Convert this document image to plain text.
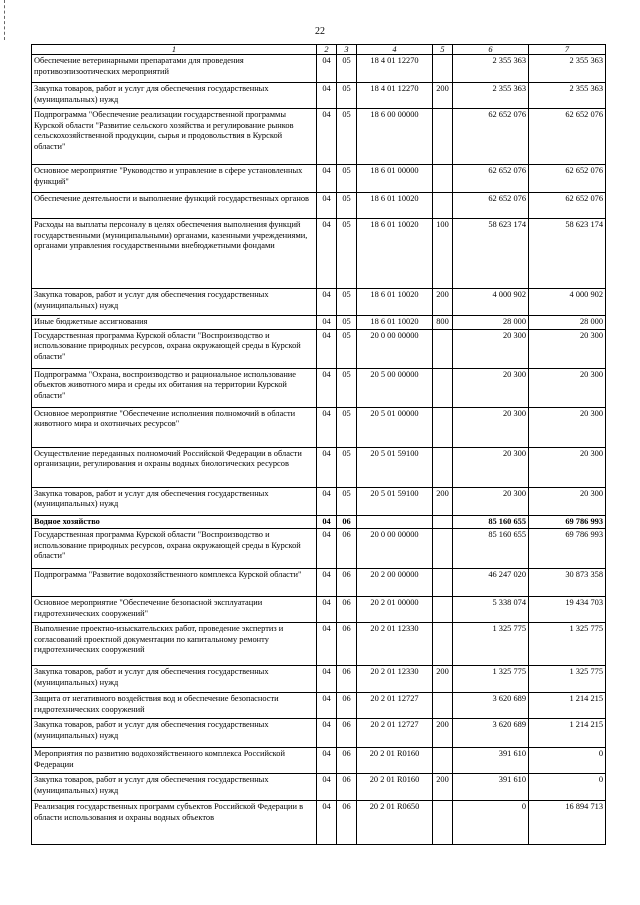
22
1	2	3	4	5	6	7
Обеспечение ветеринарными препаратами для проведения противоэпизоотических мероприятий	04	05	18 4 01 12270		2 355 363	2 355 363
Закупка товаров, работ и услуг для обеспечения государственных (муниципальных) нужд	04	05	18 4 01 12270	200	2 355 363	2 355 363
Подпрограмма "Обеспечение реализации государственной программы Курской области "Развитие сельского хозяйства и регулирование рынков сельскохозяйственной продукции, сырья и продовольствия в Курской области"	04	05	18 6 00 00000		62 652 076	62 652 076
Основное мероприятие "Руководство и управление в сфере установленных функций"	04	05	18 6 01 00000		62 652 076	62 652 076
Обеспечение деятельности и выполнение функций государственных органов	04	05	18 6 01 10020		62 652 076	62 652 076
Расходы на выплаты персоналу в целях обеспечения выполнения функций государственными (муниципальными) органами, казенными учреждениями, органами управления государственными внебюджетными фондами	04	05	18 6 01 10020	100	58 623 174	58 623 174
Закупка товаров, работ и услуг для обеспечения государственных (муниципальных) нужд	04	05	18 6 01 10020	200	4 000 902	4 000 902
Иные бюджетные ассигнования	04	05	18 6 01 10020	800	28 000	28 000
Государственная программа Курской области "Воспроизводство и использование природных ресурсов, охрана окружающей среды в Курской области"	04	05	20 0 00 00000		20 300	20 300
Подпрограмма "Охрана, воспроизводство и рациональное использование объектов животного мира и среды их обитания на территории Курской области"	04	05	20 5 00 00000		20 300	20 300
Основное мероприятие "Обеспечение исполнения полномочий в области животного мира и охотничьих ресурсов"	04	05	20 5 01 00000		20 300	20 300
Осуществление переданных полномочий Российской Федерации в области организации, регулирования и охраны водных биологических ресурсов	04	05	20 5 01 59100		20 300	20 300
Закупка товаров, работ и услуг для обеспечения государственных (муниципальных) нужд	04	05	20 5 01 59100	200	20 300	20 300
Водное хозяйство	04	06			85 160 655	69 786 993
Государственная программа Курской области "Воспроизводство и использование природных ресурсов, охрана окружающей среды в Курской области"	04	06	20 0 00 00000		85 160 655	69 786 993
Подпрограмма "Развитие водохозяйственного комплекса Курской области"	04	06	20 2 00 00000		46 247 020	30 873 358
Основное мероприятие "Обеспечение безопасной эксплуатации гидротехнических сооружений"	04	06	20 2 01 00000		5 338 074	19 434 703
Выполнение проектно-изыскательских работ, проведение экспертиз и согласований проектной документации по капитальному ремонту гидротехнических сооружений	04	06	20 2 01 12330		1 325 775	1 325 775
Закупка товаров, работ и услуг для обеспечения государственных (муниципальных) нужд	04	06	20 2 01 12330	200	1 325 775	1 325 775
Защита от негативного воздействия вод и обеспечение безопасности гидротехнических сооружений	04	06	20 2 01 12727		3 620 689	1 214 215
Закупка товаров, работ и услуг для обеспечения государственных (муниципальных) нужд	04	06	20 2 01 12727	200	3 620 689	1 214 215
Мероприятия по развитию водохозяйственного комплекса Российской Федерации	04	06	20 2 01 R0160		391 610	0
Закупка товаров, работ и услуг для обеспечения государственных (муниципальных) нужд	04	06	20 2 01 R0160	200	391 610	0
Реализация государственных программ субъектов Российской Федерации в области использования и охраны водных объектов	04	06	20 2 01 R0650		0	16 894 713
